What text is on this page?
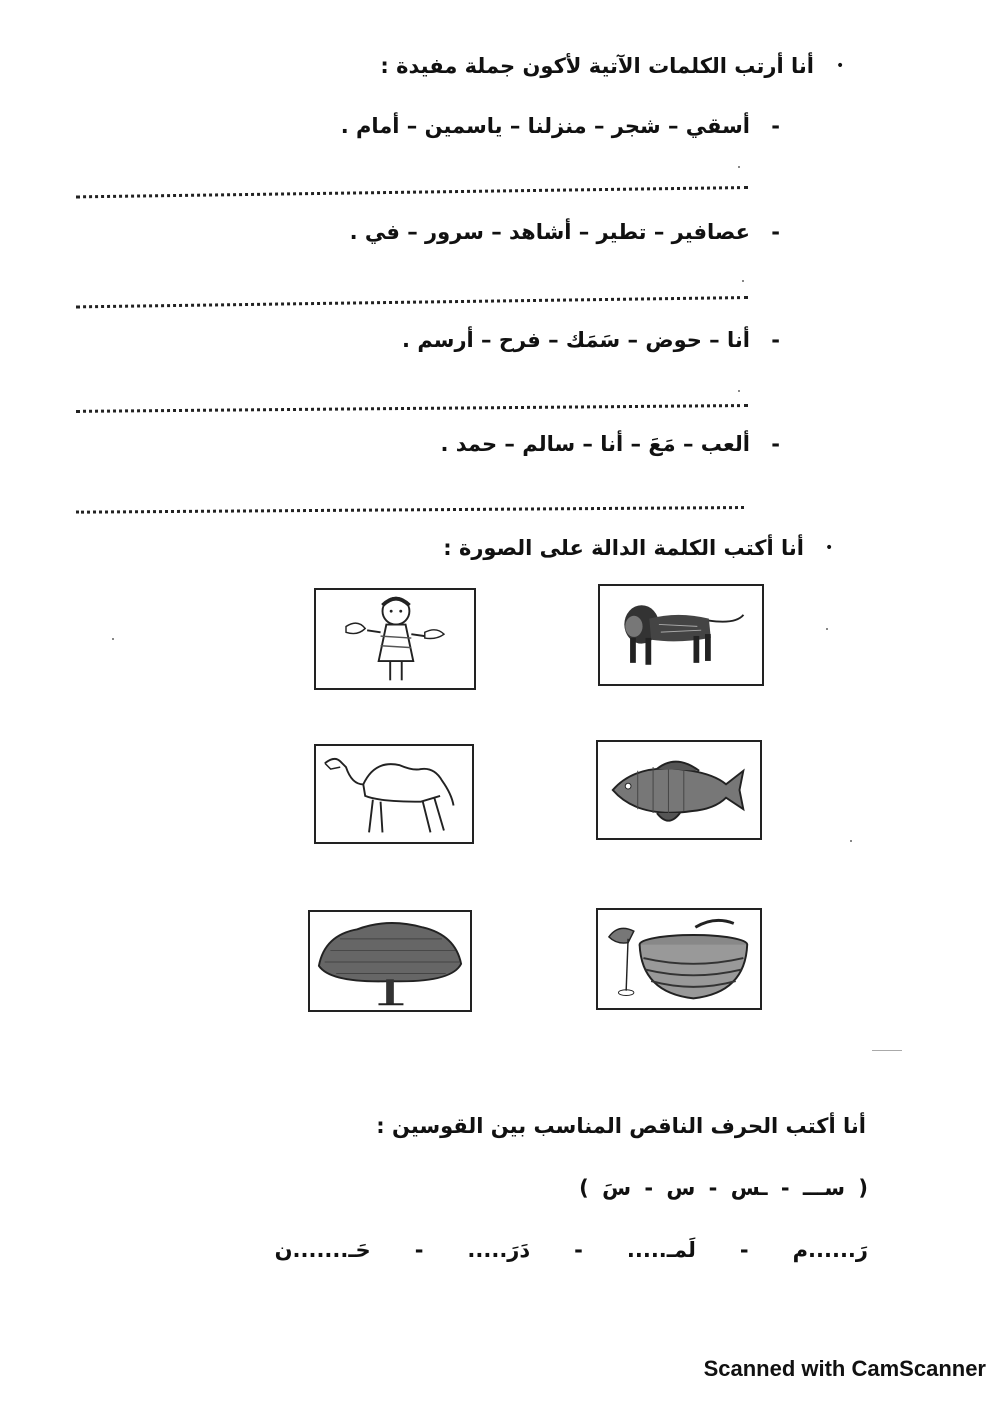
•
أنا أرتب الكلمات الآتية لأكون جملة مفيدة :
- أسقي – شجر – منزلنا – ياسمين – أمام .
- عصافير – تطير – أشاهد – سرور – في .
- أنا – حوض – سَمَك – فرح – أرسم .
- ألعب – مَعَ – أنا – سالم – حمد .
•
أنا أكتب الكلمة الدالة على الصورة :
أنا أكتب الحرف الناقص المناسب بين القوسين :
( ســـ - ـس - س - سَ )
رَ......م
-
لَمـ.....
-
دَرَ.....
-
حَـ.......ن
Scanned with CamScanner
